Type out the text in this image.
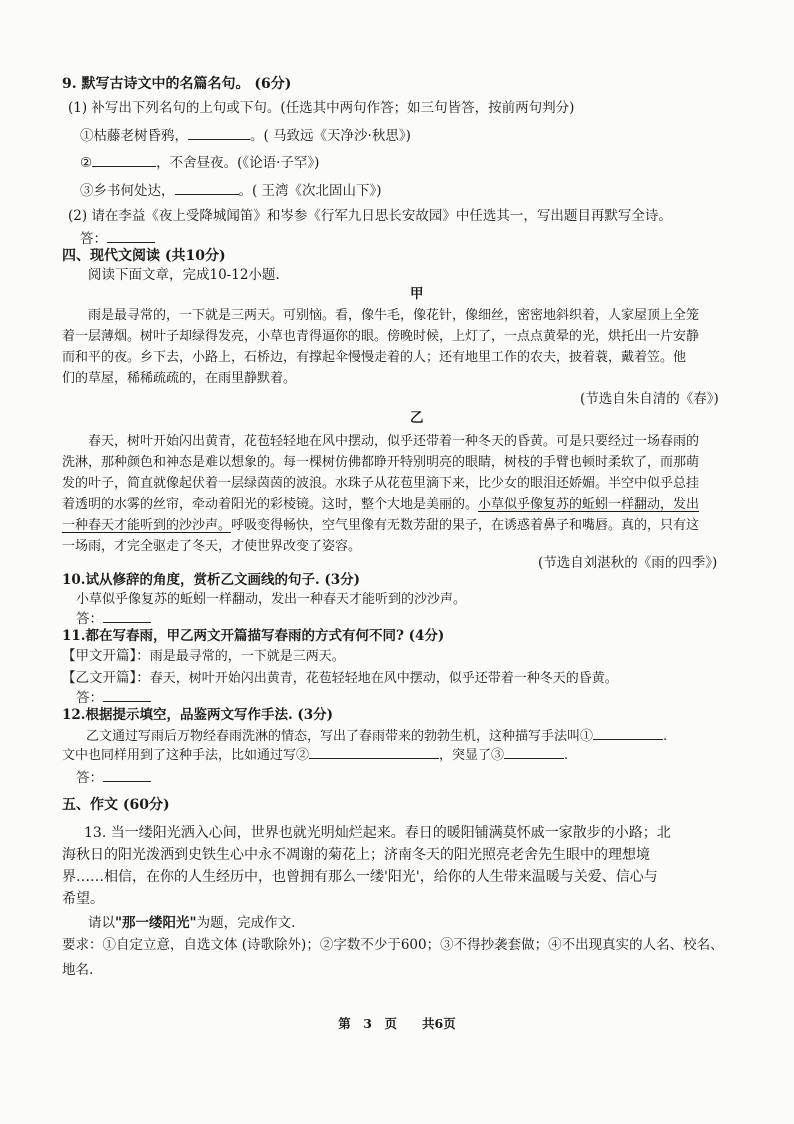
9. 默写古诗文中的名篇名句。 (6分)
(1) 补写出下列名句的上句或下句。(任选其中两句作答；如三句皆答，按前两句判分)
①枯藤老树昏鸦，	。( 马致远《天净沙·秋思》)
②	，不舍昼夜。(《论语·子罕》)
③乡书何处达，	。( 王湾《次北固山下》)
(2) 请在李益《夜上受降城闻笛》和岑参《行军九日思长安故园》中任选其一，写出题目再默写全诗。
答：
四、现代文阅读 (共10分)
阅读下面文章，完成10-12小题.
甲
雨是最寻常的，一下就是三两天。可别恼。看，像牛毛，像花针，像细丝，密密地斜织着，人家屋顶上全笼
着一层薄烟。树叶子却绿得发亮，小草也青得逼你的眼。傍晚时候，上灯了，一点点黄晕的光，烘托出一片安静
而和平的夜。乡下去，小路上，石桥边，有撑起伞慢慢走着的人；还有地里工作的农夫，披着蓑，戴着笠。他
们的草屋，稀稀疏疏的，在雨里静默着。
(节选自朱自清的《春》)
乙
春天，树叶开始闪出黄青，花苞轻轻地在风中摆动，似乎还带着一种冬天的昏黄。可是只要经过一场春雨的
洗淋，那种颜色和神态是难以想象的。每一棵树仿佛都睁开特别明亮的眼睛，树枝的手臂也顿时柔软了，而那萌
发的叶子，简直就像起伏着一层绿茵茵的波浪。水珠子从花苞里滴下来，比少女的眼泪还娇媚。半空中似乎总挂
着透明的水雾的丝帘，牵动着阳光的彩棱镜。这时，整个大地是美丽的。小草似乎像复苏的蚯蚓一样翻动，发出
一种春天才能听到的沙沙声。呼吸变得畅快，空气里像有无数芳甜的果子，在诱惑着鼻子和嘴唇。真的，只有这
一场雨，才完全驱走了冬天，才使世界改变了姿容。
(节选自刘湛秋的《雨的四季》)
10.试从修辞的角度，赏析乙文画线的句子. (3分)
小草似乎像复苏的蚯蚓一样翻动，发出一种春天才能听到的沙沙声。
答：
11.都在写春雨，甲乙两文开篇描写春雨的方式有何不同? (4分)
【甲文开篇】：雨是最寻常的，一下就是三两天。
【乙文开篇】：春天，树叶开始闪出黄青，花苞轻轻地在风中摆动，似乎还带着一种冬天的昏黄。
答：
12.根据提示填空，品鉴两文写作手法. (3分)
乙文通过写雨后万物经春雨洗淋的情态，写出了春雨带来的勃勃生机，这种描写手法叫①	.
文中也同样用到了这种手法，比如通过写②	，突显了③	.
答：
五、作文 (60分)
13. 当一缕阳光洒入心间，世界也就光明灿烂起来。春日的暖阳铺满莫怀戚一家散步的小路；北
海秋日的阳光泼洒到史铁生心中永不凋谢的菊花上；济南冬天的阳光照亮老舍先生眼中的理想境
界……相信，在你的人生经历中，也曾拥有那么一缕'阳光'，给你的人生带来温暖与关爱、信心与
希望。
请以"那一缕阳光"为题，完成作文.
要求：①自定立意，自选文体 (诗歌除外)；②字数不少于600；③不得抄袭套做；④不出现真实的人名、校名、
地名.
第　3　页　　共6页
